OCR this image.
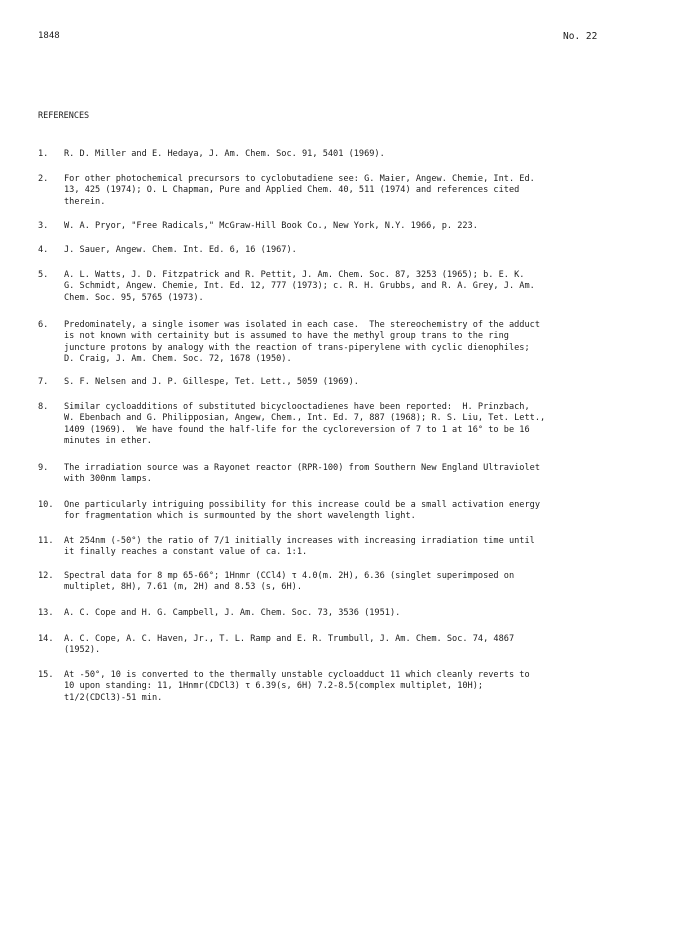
1848	No. 22
REFERENCES
1.	R. D. Miller and E. Hedaya, J. Am. Chem. Soc. 91, 5401 (1969).
2.	For other photochemical precursors to cyclobutadiene see: G. Maier, Angew. Chemie, Int. Ed.
13, 425 (1974); O. L Chapman, Pure and Applied Chem. 40, 511 (1974) and references cited
therein.
3.	W. A. Pryor, "Free Radicals," McGraw-Hill Book Co., New York, N.Y. 1966, p. 223.
4.	J. Sauer, Angew. Chem. Int. Ed. 6, 16 (1967).
5.	A. L. Watts, J. D. Fitzpatrick and R. Pettit, J. Am. Chem. Soc. 87, 3253 (1965); b. E. K.
G. Schmidt, Angew. Chemie, Int. Ed. 12, 777 (1973); c. R. H. Grubbs, and R. A. Grey, J. Am.
Chem. Soc. 95, 5765 (1973).
6.	Predominately, a single isomer was isolated in each case.  The stereochemistry of the adduct
is not known with certainity but is assumed to have the methyl group trans to the ring
juncture protons by analogy with the reaction of trans-piperylene with cyclic dienophiles;
D. Craig, J. Am. Chem. Soc. 72, 1678 (1950).
7.	S. F. Nelsen and J. P. Gillespe, Tet. Lett., 5059 (1969).
8.	Similar cycloadditions of substituted bicyclooctadienes have been reported:  H. Prinzbach,
W. Ebenbach and G. Philipposian, Angew, Chem., Int. Ed. 7, 887 (1968); R. S. Liu, Tet. Lett.,
1409 (1969).  We have found the half-life for the cycloreversion of 7 to 1 at 16° to be 16
minutes in ether.
9.	The irradiation source was a Rayonet reactor (RPR-100) from Southern New England Ultraviolet
with 300nm lamps.
10.	One particularly intriguing possibility for this increase could be a small activation energy
for fragmentation which is surmounted by the short wavelength light.
11.	At 254nm (-50°) the ratio of 7/1 initially increases with increasing irradiation time until
it finally reaches a constant value of ca. 1:1.
12.	Spectral data for 8 mp 65-66°; 1Hnmr (CCl4) τ 4.0(m. 2H), 6.36 (singlet superimposed on
multiplet, 8H), 7.61 (m, 2H) and 8.53 (s, 6H).
13.	A. C. Cope and H. G. Campbell, J. Am. Chem. Soc. 73, 3536 (1951).
14.	A. C. Cope, A. C. Haven, Jr., T. L. Ramp and E. R. Trumbull, J. Am. Chem. Soc. 74, 4867
(1952).
15.	At -50°, 10 is converted to the thermally unstable cycloadduct 11 which cleanly reverts to
10 upon standing: 11, 1Hnmr(CDCl3) τ 6.39(s, 6H) 7.2-8.5(complex multiplet, 10H);
t1/2(CDCl3)-51 min.
